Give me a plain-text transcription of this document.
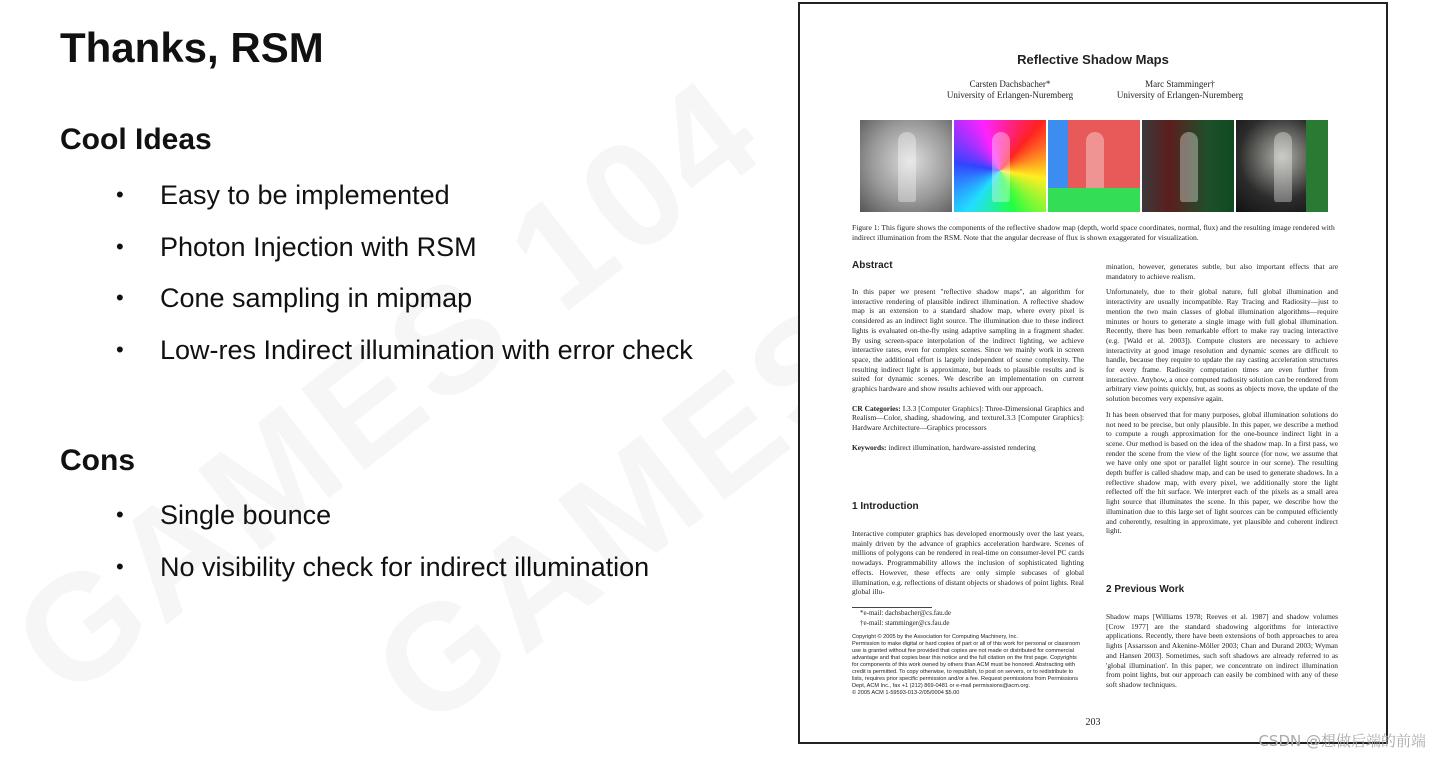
Thanks, RSM
Cool Ideas
•	Easy to be implemented
•	Photon Injection with RSM
•	Cone sampling in mipmap
•	Low-res Indirect illumination with error check
Cons
•	Single bounce
•	No visibility check for indirect illumination
Reflective Shadow Maps
Carsten Dachsbacher*
University of Erlangen-Nuremberg
Marc Stamminger†
University of Erlangen-Nuremberg
Figure 1: This figure shows the components of the reflective shadow map (depth, world space coordinates, normal, flux) and the resulting image rendered with indirect illumination from the RSM. Note that the angular decrease of flux is shown exaggerated for visualization.
Abstract

In this paper we present "reflective shadow maps", an algorithm for interactive rendering of plausible indirect illumination. A reflective shadow map is an extension to a standard shadow map, where every pixel is considered as an indirect light source. The illumination due to these indirect lights is evaluated on-the-fly using adaptive sampling in a fragment shader. By using screen-space interpolation of the indirect lighting, we achieve interactive rates, even for complex scenes. Since we mainly work in screen space, the additional effort is largely independent of scene complexity. The resulting indirect light is approximate, but leads to plausible results and is suited for dynamic scenes. We describe an implementation on current graphics hardware and show results achieved with our approach.

CR Categories: I.3.3 [Computer Graphics]: Three-Dimensional Graphics and Realism—Color, shading, shadowing, and textureI.3.3 [Computer Graphics]: Hardware Architecture—Graphics processors

Keywords: indirect illumination, hardware-assisted rendering

1 Introduction
Interactive computer graphics has developed enormously over the last years, mainly driven by the advance of graphics acceleration hardware. Scenes of millions of polygons can be rendered in real-time on consumer-level PC cards nowadays. Programmability allows the inclusion of sophisticated lighting effects. However, these effects are only simple subcases of global illumination, e.g. reflections of distant objects or shadows of point lights. Real global illu-
*e-mail: dachsbacher@cs.fau.de
†e-mail: stamminger@cs.fau.de
Copyright © 2005 by the Association for Computing Machinery, Inc.
Permission to make digital or hard copies of part or all of this work for personal or classroom use is granted without fee provided that copies are not made or distributed for commercial advantage and that copies bear this notice and the full citation on the first page. Copyrights for components of this work owned by others than ACM must be honored. Abstracting with credit is permitted. To copy otherwise, to republish, to post on servers, or to redistribute to lists, requires prior specific permission and/or a fee. Request permissions from Permissions Dept, ACM Inc., fax +1 (212) 869-0481 or e-mail permissions@acm.org.
© 2005 ACM 1-59593-013-2/05/0004 $5.00

mination, however, generates subtle, but also important effects that are mandatory to achieve realism.

Unfortunately, due to their global nature, full global illumination and interactivity are usually incompatible. Ray Tracing and Radiosity—just to mention the two main classes of global illumination algorithms—require minutes or hours to generate a single image with full global illumination. Recently, there has been remarkable effort to make ray tracing interactive (e.g. [Wald et al. 2003]). Compute clusters are necessary to achieve interactivity at good image resolution and dynamic scenes are difficult to handle, because they require to update the ray casting acceleration structures for every frame. Radiosity computation times are even further from interactive. Anyhow, a once computed radiosity solution can be rendered from arbitrary view points quickly, but, as soons as objects move, the update of the solution becomes very expensive again.

It has been observed that for many purposes, global illumination solutions do not need to be precise, but only plausible. In this paper, we describe a method to compute a rough approximation for the one-bounce indirect light in a scene. Our method is based on the idea of the shadow map. In a first pass, we render the scene from the view of the light source (for now, we assume that we have only one spot or parallel light source in our scene). The resulting depth buffer is called shadow map, and can be used to generate shadows. In a reflective shadow map, with every pixel, we additionally store the light reflected off the hit surface. We interpret each of the pixels as a small area light source that illuminates the scene. In this paper, we describe how the illumination due to this large set of light sources can be computed efficiently and coherently, resulting in approximate, yet plausible and coherent indirect light.

2 Previous Work
Shadow maps [Williams 1978; Reeves et al. 1987] and shadow volumes [Crow 1977] are the standard shadowing algorithms for interactive applications. Recently, there have been extensions of both approaches to area lights [Assarsson and Akenine-Möller 2003; Chan and Durand 2003; Wyman and Hansen 2003]. Sometimes, such soft shadows are already referred to as 'global illumination'. In this paper, we concentrate on indirect illumination from point lights, but our approach can easily be combined with any of these soft shadow techniques.
203
CSDN @想做后端的前端
